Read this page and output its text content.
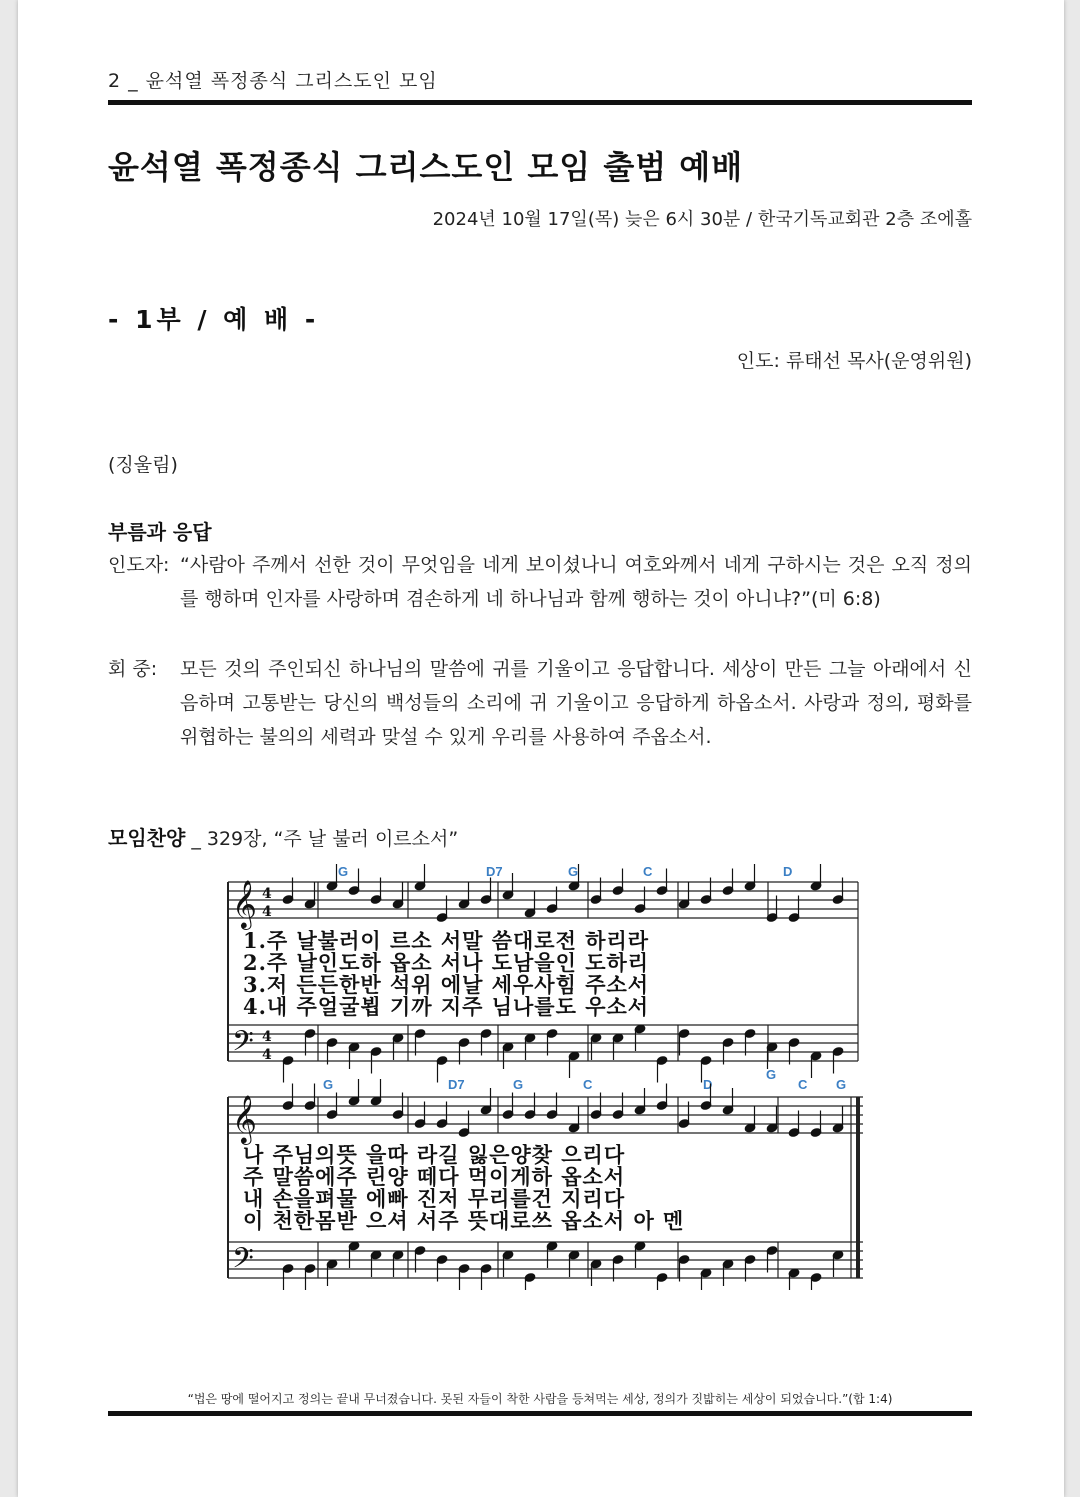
2 _ 윤석열 폭정종식 그리스도인 모임
윤석열 폭정종식 그리스도인 모임 출범 예배
2024년 10월 17일(목) 늦은 6시 30분 / 한국기독교회관 2층 조에홀
- 1부 / 예 배 -
인도: 류태선 목사(운영위원)
(징울림)
부름과 응답
인도자: “사람아 주께서 선한 것이 무엇임을 네게 보이셨나니 여호와께서 네게 구하시는 것은 오직 정의를 행하며 인자를 사랑하며 겸손하게 네 하나님과 함께 행하는 것이 아니냐?”(미 6:8)
회 중: 모든 것의 주인되신 하나님의 말씀에 귀를 기울이고 응답합니다. 세상이 만든 그늘 아래에서 신음하며 고통받는 당신의 백성들의 소리에 귀 기울이고 응답하게 하옵소서. 사랑과 정의, 평화를 위협하는 불의의 세력과 맞설 수 있게 우리를 사용하여 주옵소서.
모임찬양 _ 329장, “주 날 불러 이르소서”
𝄞
𝄢
𝄞
𝄢
4
4
4
4
G	D7	G	C	D
G	D7	G	C	D
G
C G

1.주 날불러이 르소 서말 씀대로전 하리라

2.주 날인도하 옵소 서나 도남을인 도하리

3.저 든든한반 석위 에날 세우사힘 주소서

4.내 주얼굴뵙 기까 지주 님나를도 우소서

나 주님의뜻 을따 라길 잃은양찾 으리다

주 말씀에주 린양 떼다 먹이게하 옵소서

내 손을펴물 에빠 진저 무리를건 지리다

이 천한몸받 으셔 서주 뜻대로쓰 옵소서 아 멘

“법은 땅에 떨어지고 정의는 끝내 무너졌습니다. 못된 자들이 착한 사람을 등쳐먹는 세상, 정의가 짓밟히는 세상이 되었습니다.”(합 1:4)
